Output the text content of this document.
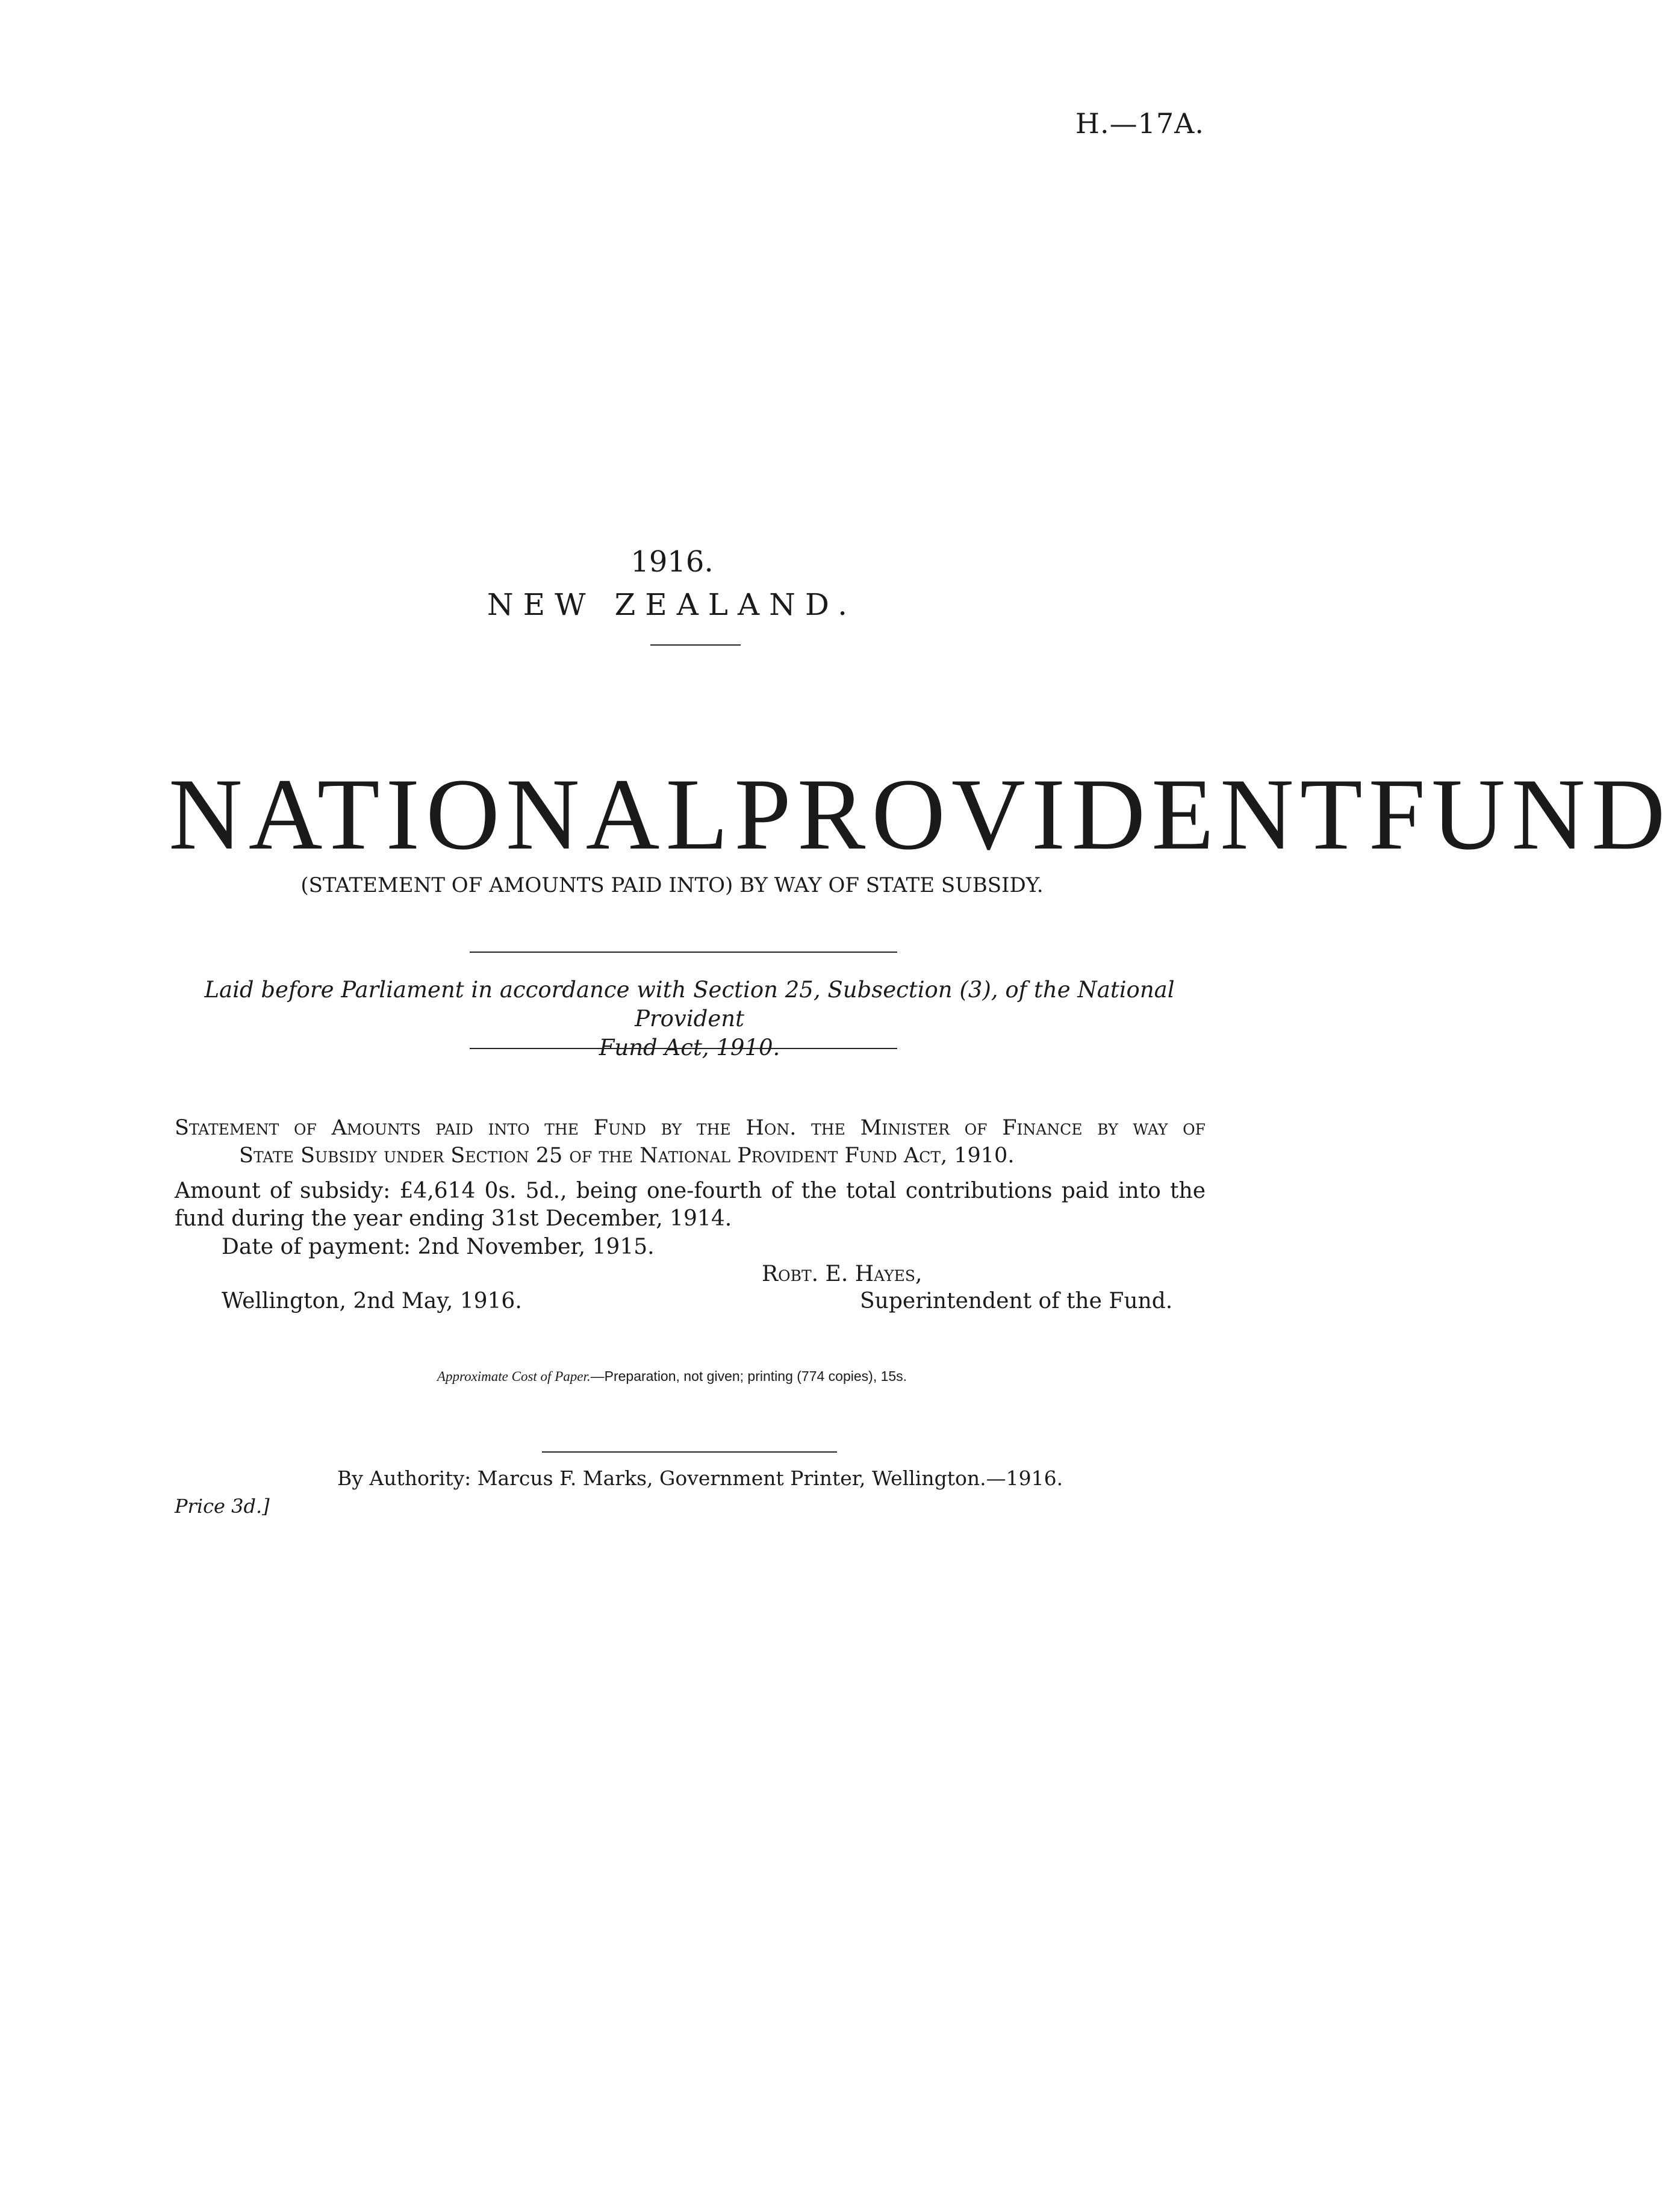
H.—17A.
1916.
NEW ZEALAND.
NATIONAL PROVIDENT FUND
(STATEMENT OF AMOUNTS PAID INTO) BY WAY OF STATE SUBSIDY.
Laid before Parliament in accordance with Section 25, Subsection (3), of the National Provident
Fund Act, 1910.
Statement of Amounts paid into the Fund by the Hon. the Minister of Finance by way of
State Subsidy under Section 25 of the National Provident Fund Act, 1910.
Amount of subsidy: £4,614 0s. 5d., being one-fourth of the total contributions paid into the
fund during the year ending 31st December, 1914.
Date of payment: 2nd November, 1915.
Robt. E. Hayes,
Superintendent of the Fund.
Wellington, 2nd May, 1916.
Approximate Cost of Paper.—Preparation, not given; printing (774 copies), 15s.
By Authority: Marcus F. Marks, Government Printer, Wellington.—1916.
Price 3d.]
